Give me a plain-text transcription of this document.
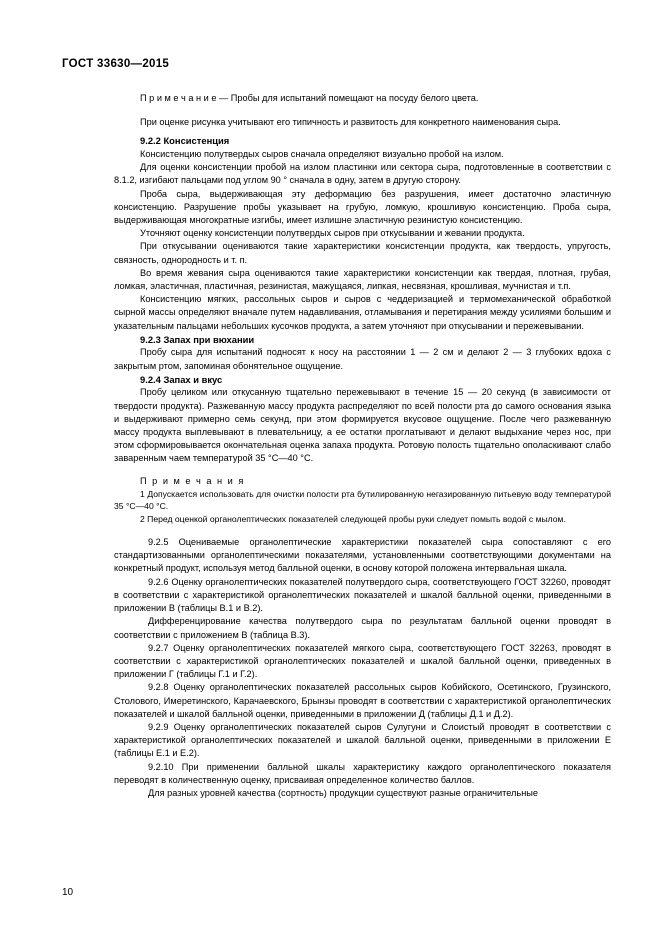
ГОСТ 33630—2015

П р и м е ч а н и е — Пробы для испытаний помещают на посуду белого цвета.

При оценке рисунка учитывают его типичность и развитость для конкретного наименования сыра.

9.2.2 Консистенция

Консистенцию полутвердых сыров сначала определяют визуально пробой на излом.

Для оценки консистенции пробой на излом пластинки или сектора сыра, подготовленные в соответствии с 8.1.2, изгибают пальцами под углом 90 ° сначала в одну, затем в другую сторону.

Проба сыра, выдерживающая эту деформацию без разрушения, имеет достаточно эластичную консистенцию. Разрушение пробы указывает на грубую, ломкую, крошливую консистенцию. Проба сыра, выдерживающая многократные изгибы, имеет излишне эластичную резинистую консистенцию.

Уточняют оценку консистенции полутвердых сыров при откусывании и жевании продукта.

При откусывании оцениваются такие характеристики консистенции продукта, как твердость, упругость, связность, однородность и т. п.

Во время жевания сыра оцениваются такие характеристики консистенции как твердая, плотная, грубая, ломкая, эластичная, пластичная, резинистая, мажущаяся, липкая, несвязная, крошливая, мучнистая и т.п.

Консистенцию мягких, рассольных сыров и сыров с чеддеризацией и термомеханической обработкой сырной массы определяют вначале путем надавливания, отламывания и перетирания между усилиями большим и указательным пальцами небольших кусочков продукта, а затем уточняют при откусывании и пережевывании.

9.2.3 Запах при вюхании

Пробу сыра для испытаний подносят к носу на расстоянии 1 — 2 см и делают 2 — 3 глубоких вдоха с закрытым ртом, запоминая обонятельное ощущение.

9.2.4 Запах и вкус

Пробу целиком или откусанную тщательно пережевывают в течение 15 — 20 секунд (в зависимости от твердости продукта). Разжеванную массу продукта распределяют по всей полости рта до самого основания языка и выдерживают примерно семь секунд, при этом формируется вкусовое ощущение. После чего разжеванную массу продукта выплевывают в плевательницу, а ее остатки проглатывают и делают выдыхание через нос, при этом сформировывается окончательная оценка запаха продукта. Ротовую полость тщательно ополаскивают слабо заваренным чаем температурой 35 °С—40 °С.

П р и м е ч а н и я

1 Допускается использовать для очистки полости рта бутилированную негазированную питьевую воду температурой 35 °С—40 °С.

2 Перед оценкой органолептических показателей следующей пробы руки следует помыть водой с мылом.

9.2.5 Оцениваемые органолептические характеристики показателей сыра сопоставляют с его стандартизованными органолептическими показателями, установленными соответствующими документами на конкретный продукт, используя метод балльной оценки, в основу которой положена интервальная шкала.

9.2.6 Оценку органолептических показателей полутвердого сыра, соответствующего ГОСТ 32260, проводят в соответствии с характеристикой органолептических показателей и шкалой балльной оценки, приведенными в приложении В (таблицы В.1 и В.2).

Дифференцирование качества полутвердого сыра по результатам балльной оценки проводят в соответствии с приложением В (таблица В.3).

9.2.7 Оценку органолептических показателей мягкого сыра, соответствующего ГОСТ 32263, проводят в соответствии с характеристикой органолептических показателей и шкалой балльной оценки, приведенных в приложении Г (таблицы Г.1 и Г.2).

9.2.8 Оценку органолептических показателей рассольных сыров Кобийского, Осетинского, Грузинского, Столового, Имеретинского, Карачаевского, Брынзы проводят в соответствии с характеристикой органолептических показателей и шкалой балльной оценки, приведенными в приложении Д (таблицы Д.1 и Д.2).

9.2.9 Оценку органолептических показателей сыров Сулугуни и Слоистый проводят в соответствии с характеристикой органолептических показателей и шкалой балльной оценки, приведенными в приложении Е (таблицы Е.1 и Е.2).

9.2.10 При применении балльной шкалы характеристику каждого органолептического показателя переводят в количественную оценку, присваивая определенное количество баллов.

Для разных уровней качества (сортность) продукции существуют разные ограничительные

10
